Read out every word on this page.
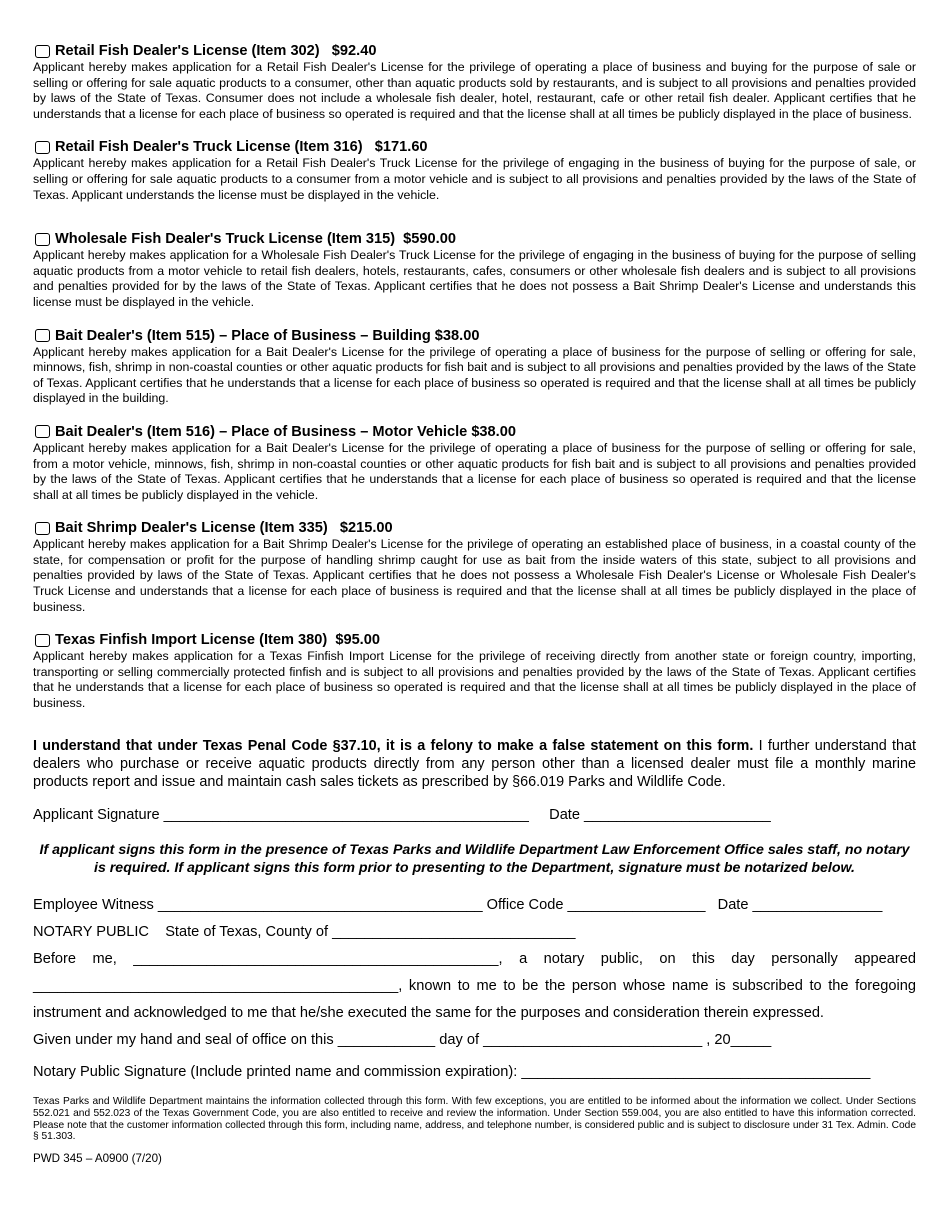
Retail Fish Dealer's License (Item 302)   $92.40

Applicant hereby makes application for a Retail Fish Dealer's License for the privilege of operating a place of business and buying for the purpose of sale or selling or offering for sale aquatic products to a consumer, other than aquatic products sold by restaurants, and is subject to all provisions and penalties provided by laws of the State of Texas. Consumer does not include a wholesale fish dealer, hotel, restaurant, cafe or other retail fish dealer. Applicant certifies that he understands that a license for each place of business so operated is required and that the license shall at all times be publicly displayed in the place of business.

Retail Fish Dealer's Truck License (Item 316)   $171.60

Applicant hereby makes application for a Retail Fish Dealer's Truck License for the privilege of engaging in the business of buying for the purpose of sale, or selling or offering for sale aquatic products to a consumer from a motor vehicle and is subject to all provisions and penalties provided by the laws of the State of Texas. Applicant understands the license must be displayed in the vehicle.

Wholesale Fish Dealer's Truck License (Item 315)  $590.00

Applicant hereby makes application for a Wholesale Fish Dealer's Truck License for the privilege of engaging in the business of buying for the purpose of selling aquatic products from a motor vehicle to retail fish dealers, hotels, restaurants, cafes, consumers or other wholesale fish dealers and is subject to all provisions and penalties provided for by the laws of the State of Texas. Applicant certifies that he does not possess a Bait Shrimp Dealer's License and understands this license must be displayed in the vehicle.

Bait Dealer's (Item 515) – Place of Business – Building $38.00

Applicant hereby makes application for a Bait Dealer's License for the privilege of operating a place of business for the purpose of selling or offering for sale, minnows, fish, shrimp in non-coastal counties or other aquatic products for fish bait and is subject to all provisions and penalties provided by the laws of the State of Texas. Applicant certifies that he understands that a license for each place of business so operated is required and that the license shall at all times be publicly displayed in the building.

Bait Dealer's (Item 516) – Place of Business – Motor Vehicle $38.00

Applicant hereby makes application for a Bait Dealer's License for the privilege of operating a place of business for the purpose of selling or offering for sale, from a motor vehicle, minnows, fish, shrimp in non-coastal counties or other aquatic products for fish bait and is subject to all provisions and penalties provided by the laws of the State of Texas. Applicant certifies that he understands that a license for each place of business so operated is required and that the license shall at all times be publicly displayed in the vehicle.

Bait Shrimp Dealer's License (Item 335)   $215.00

Applicant hereby makes application for a Bait Shrimp Dealer's License for the privilege of operating an established place of business, in a coastal county of the state, for compensation or profit for the purpose of handling shrimp caught for use as bait from the inside waters of this state, subject to all provisions and penalties provided by laws of the State of Texas. Applicant certifies that he does not possess a Wholesale Fish Dealer's License or Wholesale Fish Dealer's Truck License and understands that a license for each place of business is required and that the license shall at all times be publicly displayed in the place of business.

Texas Finfish Import License (Item 380)  $95.00

Applicant hereby makes application for a Texas Finfish Import License for the privilege of receiving directly from another state or foreign country, importing, transporting or selling commercially protected finfish and is subject to all provisions and penalties provided by the laws of the State of Texas. Applicant certifies that he understands that a license for each place of business so operated is required and that the license shall at all times be publicly displayed in the place of business.

I understand that under Texas Penal Code §37.10, it is a felony to make a false statement on this form. I further understand that dealers who purchase or receive aquatic products directly from any person other than a licensed dealer must file a monthly marine products report and issue and maintain cash sales tickets as prescribed by §66.019 Parks and Wildlife Code.

Applicant Signature _____________________________________________ Date _______________________

If applicant signs this form in the presence of Texas Parks and Wildlife Department Law Enforcement Office sales staff, no notary is required. If applicant signs this form prior to presenting to the Department, signature must be notarized below.

Employee Witness ________________________________________ Office Code _________________ Date ________________

NOTARY PUBLIC State of Texas, County of ______________________________

Before me, _____________________________________________, a notary public, on this day personally appeared

_____________________________________________, known to me to be the person whose name is subscribed to the foregoing

instrument and acknowledged to me that he/she executed the same for the purposes and consideration therein expressed.

Given under my hand and seal of office on this ____________ day of ___________________________ , 20_____

Notary Public Signature (Include printed name and commission expiration): ___________________________________________

Texas Parks and Wildlife Department maintains the information collected through this form. With few exceptions, you are entitled to be informed about the information we collect. Under Sections 552.021 and 552.023 of the Texas Government Code, you are also entitled to receive and review the information. Under Section 559.004, you are also entitled to have this information corrected. Please note that the customer information collected through this form, including name, address, and telephone number, is considered public and is subject to disclosure under 31 Tex. Admin. Code § 51.303.

PWD 345 – A0900 (7/20)
